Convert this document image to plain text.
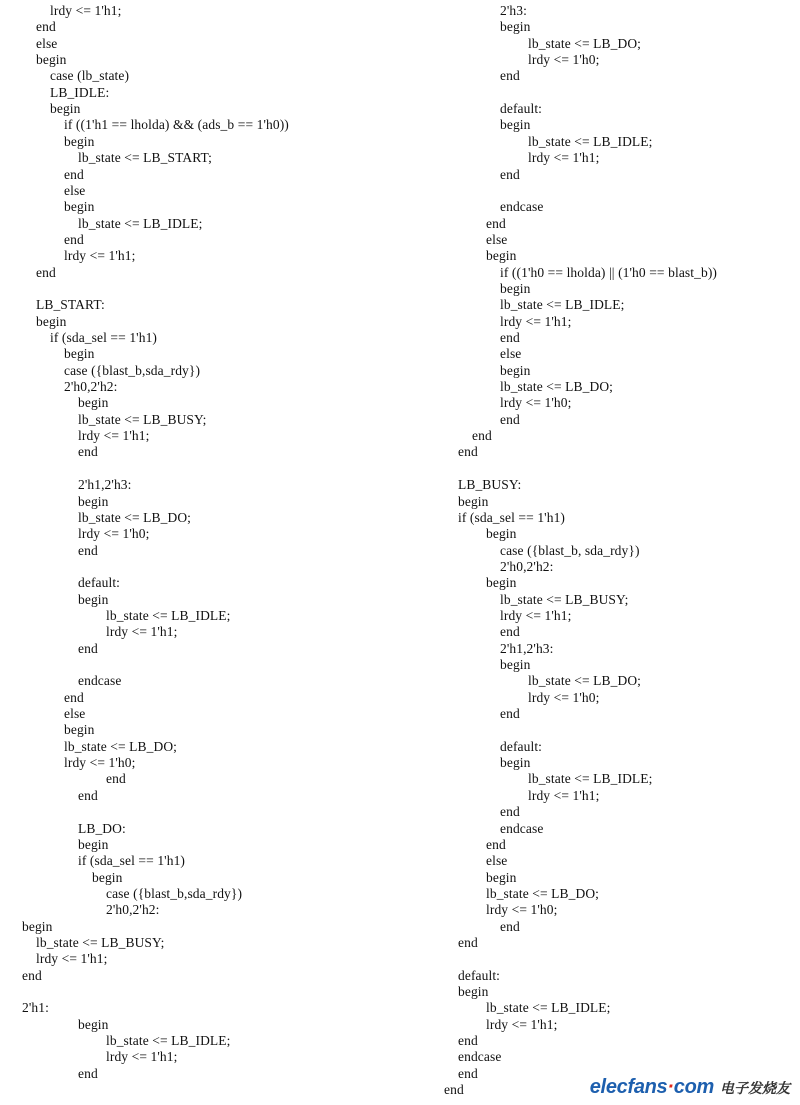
lrdy <= 1'h1;
end
else
begin
case (lb_state)
LB_IDLE:
begin
if ((1'h1 == lholda) && (ads_b == 1'h0))
begin
lb_state <= LB_START;
end
else
begin
lb_state <= LB_IDLE;
end
lrdy <= 1'h1;
end
LB_START:
begin
if (sda_sel == 1'h1)
begin
case ({blast_b,sda_rdy})
2'h0,2'h2:
begin
lb_state <= LB_BUSY;
lrdy <= 1'h1;
end
2'h1,2'h3:
begin
lb_state <= LB_DO;
lrdy <= 1'h0;
end
default:
begin
lb_state <= LB_IDLE;
lrdy <= 1'h1;
end
endcase
end
else
begin
lb_state <= LB_DO;
lrdy <= 1'h0;
end
end
LB_DO:
begin
if (sda_sel == 1'h1)
begin
case ({blast_b,sda_rdy})
2'h0,2'h2:
begin
lb_state <= LB_BUSY;
lrdy <= 1'h1;
end
2'h1:
begin
lb_state <= LB_IDLE;
lrdy <= 1'h1;
end
2'h3:
begin
lb_state <= LB_DO;
lrdy <= 1'h0;
end
default:
begin
lb_state <= LB_IDLE;
lrdy <= 1'h1;
end
endcase
end
else
begin
if ((1'h0 == lholda) || (1'h0 == blast_b))
begin
lb_state <= LB_IDLE;
lrdy <= 1'h1;
end
else
begin
lb_state <= LB_DO;
lrdy <= 1'h0;
end
end
end
LB_BUSY:
begin
if (sda_sel == 1'h1)
begin
case ({blast_b, sda_rdy})
2'h0,2'h2:
begin
lb_state <= LB_BUSY;
lrdy <= 1'h1;
end
2'h1,2'h3:
begin
lb_state <= LB_DO;
lrdy <= 1'h0;
end
default:
begin
lb_state <= LB_IDLE;
lrdy <= 1'h1;
end
endcase
end
else
begin
lb_state <= LB_DO;
lrdy <= 1'h0;
end
end
default:
begin
lb_state <= LB_IDLE;
lrdy <= 1'h1;
end
endcase
end
end	elecfans·com 电子发烧友
